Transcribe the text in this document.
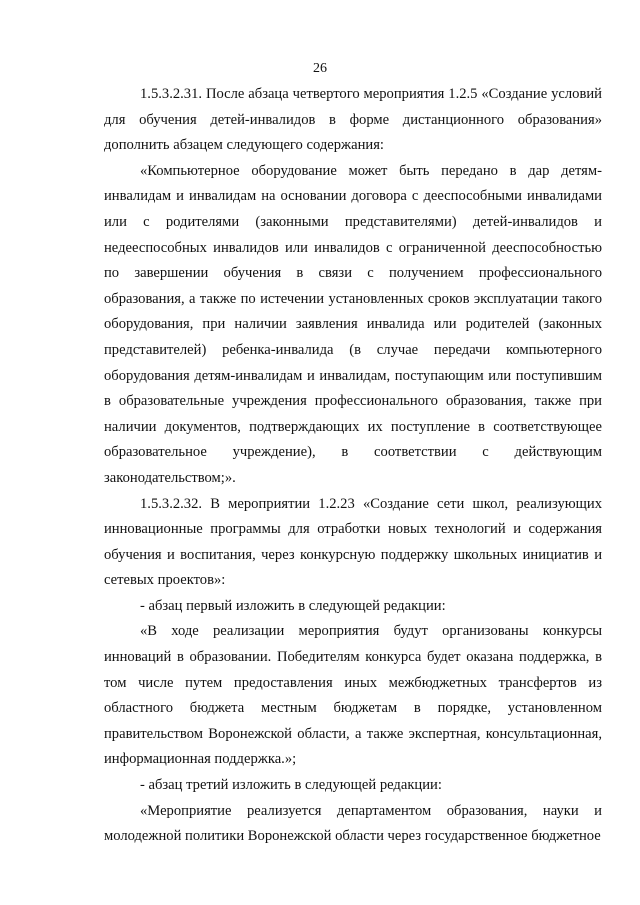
26

1.5.3.2.31. После абзаца четвертого мероприятия 1.2.5 «Создание условий для обучения детей-инвалидов в форме дистанционного образования» дополнить абзацем следующего содержания:

«Компьютерное оборудование может быть передано в дар детям-инвалидам и инвалидам на основании договора с дееспособными инвалидами или с родителями (законными представителями) детей-инвалидов и недееспособных инвалидов или инвалидов с ограниченной дееспособностью по завершении обучения в связи с получением профессионального образования, а также по истечении установленных сроков эксплуатации такого оборудования, при наличии заявления инвалида или родителей (законных представителей) ребенка-инвалида (в случае передачи компьютерного оборудования детям-инвалидам и инвалидам, поступающим или поступившим в образовательные учреждения профессионального образования, также при наличии документов, подтверждающих их поступление в соответствующее образовательное учреждение), в соответствии с действующим законодательством;».

1.5.3.2.32. В мероприятии 1.2.23 «Создание сети школ, реализующих инновационные программы для отработки новых технологий и содержания обучения и воспитания, через конкурсную поддержку школьных инициатив и сетевых проектов»:

- абзац первый изложить в следующей редакции:

«В ходе реализации мероприятия будут организованы конкурсы инноваций в образовании. Победителям конкурса будет оказана поддержка, в том числе путем предоставления иных межбюджетных трансфертов из областного бюджета местным бюджетам в порядке, установленном правительством Воронежской области, а также экспертная, консультационная, информационная поддержка.»;

- абзац третий изложить в следующей редакции:

«Мероприятие реализуется департаментом образования, науки и молодежной политики Воронежской области через государственное бюджетное
